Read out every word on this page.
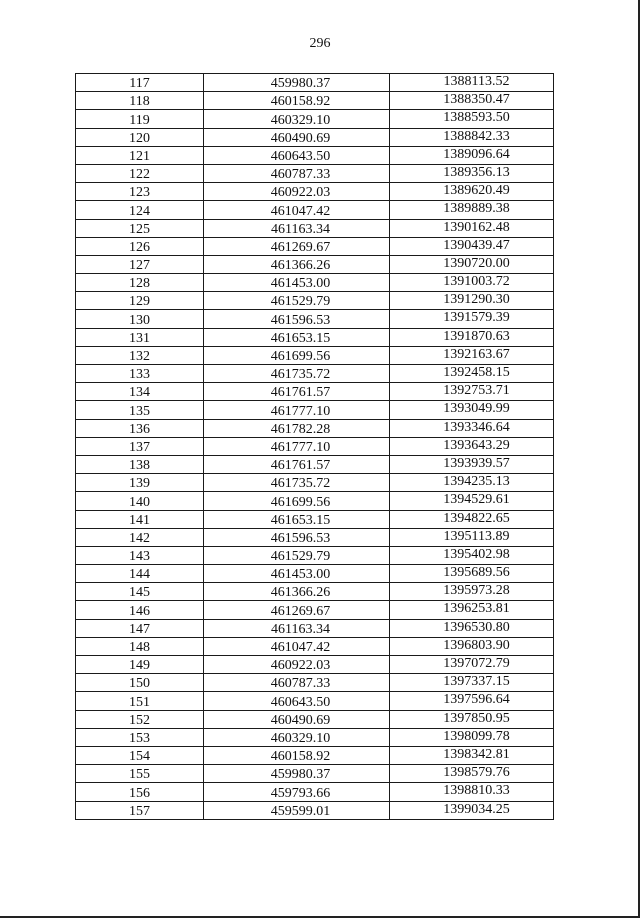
296
117	459980.37	1388113.52
118	460158.92	1388350.47
119	460329.10	1388593.50
120	460490.69	1388842.33
121	460643.50	1389096.64
122	460787.33	1389356.13
123	460922.03	1389620.49
124	461047.42	1389889.38
125	461163.34	1390162.48
126	461269.67	1390439.47
127	461366.26	1390720.00
128	461453.00	1391003.72
129	461529.79	1391290.30
130	461596.53	1391579.39
131	461653.15	1391870.63
132	461699.56	1392163.67
133	461735.72	1392458.15
134	461761.57	1392753.71
135	461777.10	1393049.99
136	461782.28	1393346.64
137	461777.10	1393643.29
138	461761.57	1393939.57
139	461735.72	1394235.13
140	461699.56	1394529.61
141	461653.15	1394822.65
142	461596.53	1395113.89
143	461529.79	1395402.98
144	461453.00	1395689.56
145	461366.26	1395973.28
146	461269.67	1396253.81
147	461163.34	1396530.80
148	461047.42	1396803.90
149	460922.03	1397072.79
150	460787.33	1397337.15
151	460643.50	1397596.64
152	460490.69	1397850.95
153	460329.10	1398099.78
154	460158.92	1398342.81
155	459980.37	1398579.76
156	459793.66	1398810.33
157	459599.01	1399034.25
